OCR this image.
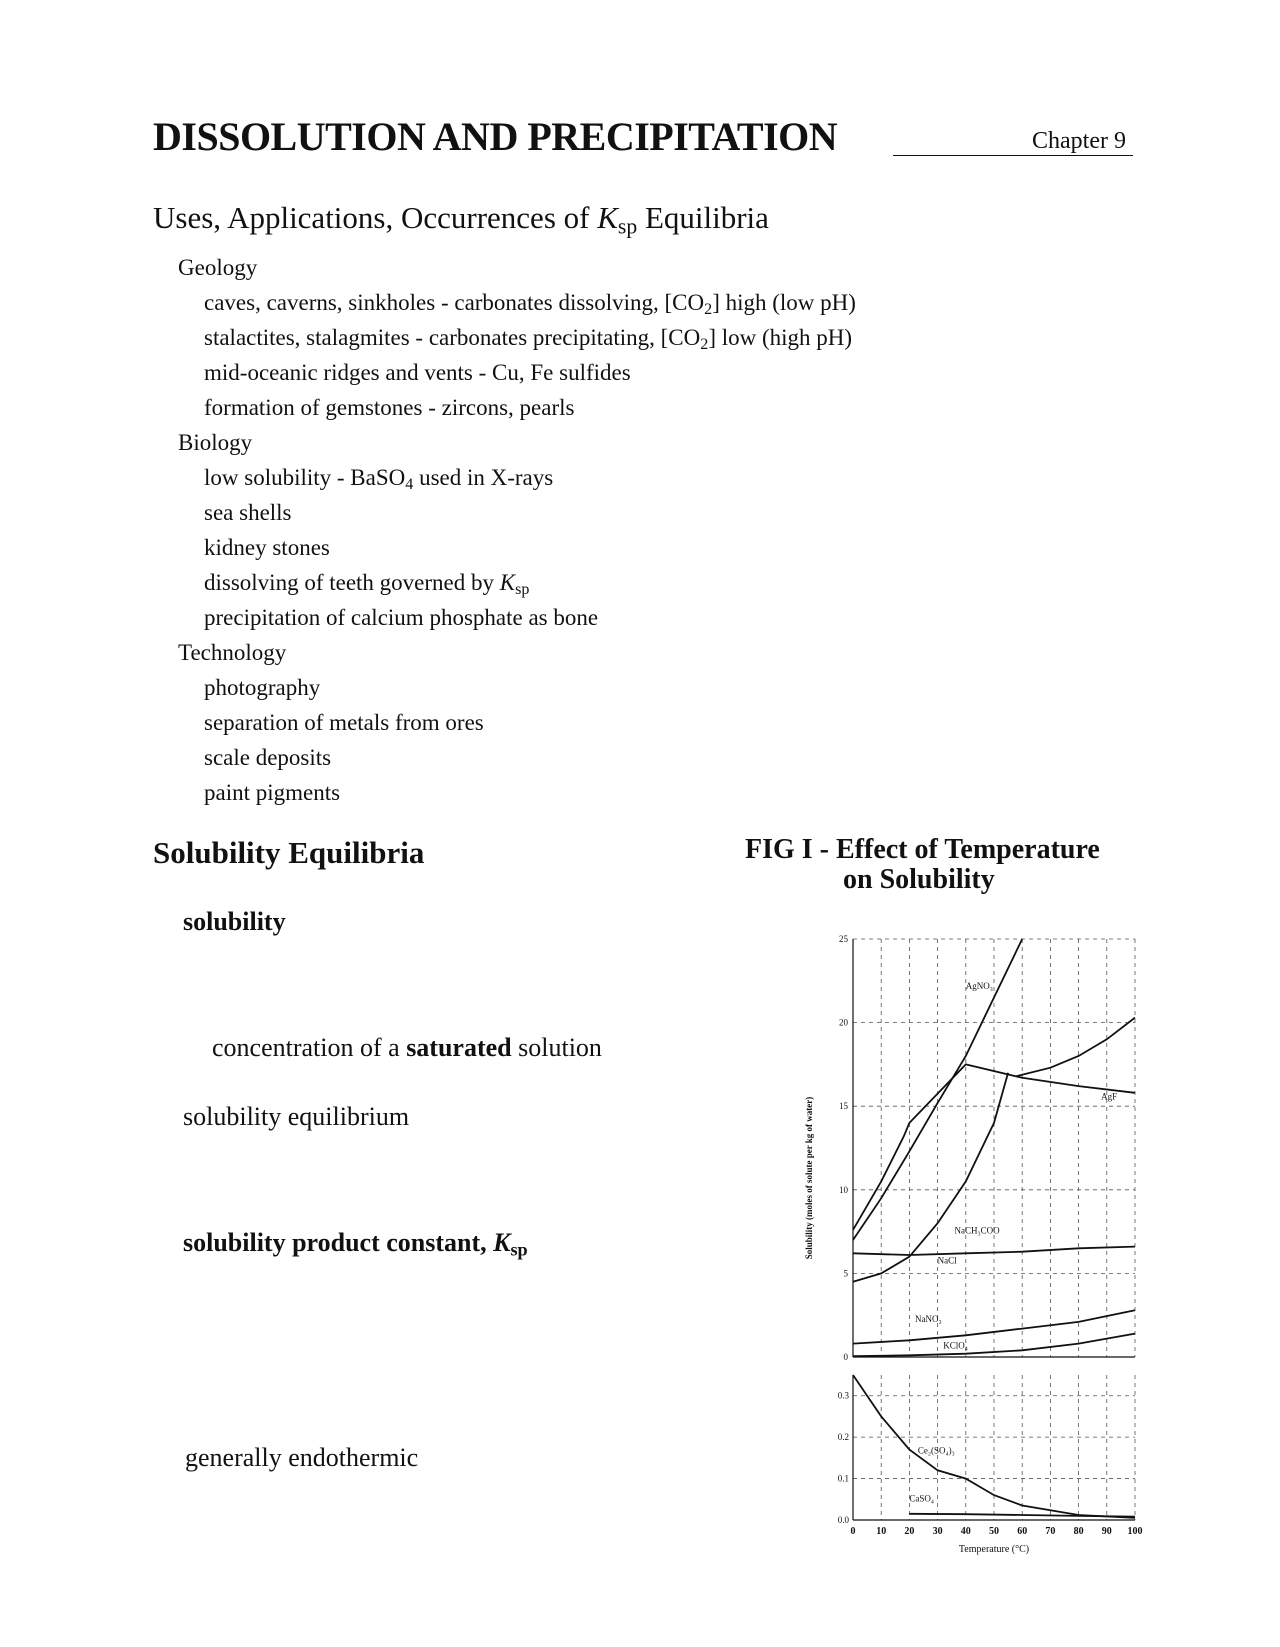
DISSOLUTION AND PRECIPITATION	Chapter 9
Uses, Applications, Occurrences of $K_{sp}$ Equilibria
Geology
caves, caverns, sinkholes - carbonates dissolving, $[CO_2]$ high (low pH)
stalactites, stalagmites - carbonates precipitating, $[CO_2]$ low (high pH)
mid-oceanic ridges and vents - Cu, Fe sulfides
formation of gemstones - zircons, pearls
Biology
low solubility - BaSO$_4$ used in X-rays
sea shells
kidney stones
dissolving of teeth governed by $K_{sp}$
precipitation of calcium phosphate as bone
Technology
photography
separation of metals from ores
scale deposits
paint pigments
Solubility Equilibria	FIG I - Effect of Temperature
on Solubility
solubility
concentration of a saturated solution
solubility equilibrium
solubility product constant, $K_{sp}$
generally endothermic
0
5
10
15
20
25
0.0
0.1
0.2
0.3
0 10 20 30 40 50 60 70 80 90 100
Temperature (°C)
Solubility (moles of solute per kg of water)
AgNO₃
AgF
NaCH₃COO
NaCl
NaNO₃
KClO₄
Ce₂(SO₄)₃
CaSO₄
